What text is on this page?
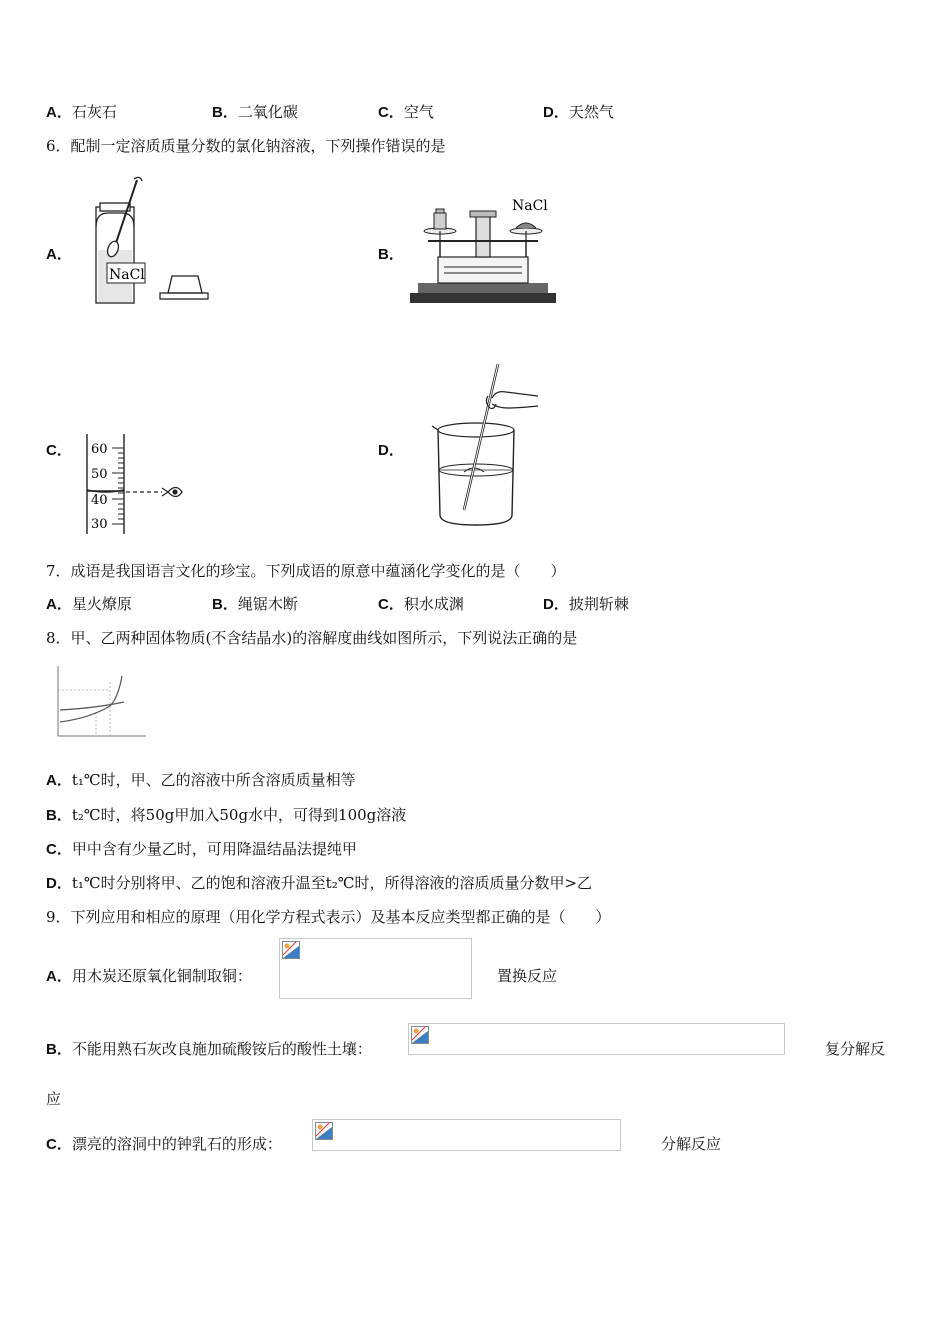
A．石灰石	B．二氧化碳	C．空气	D．天然气
6．配制一定溶质质量分数的氯化钠溶液，下列操作错误的是
A．
NaCl
B．
NaCl
C． 60
50
40
30
D．
7．成语是我国语言文化的珍宝。下列成语的原意中蕴涵化学变化的是（　　）
A．星火燎原	B．绳锯木断	C．积水成渊	D．披荆斩棘
8．甲、乙两种固体物质(不含结晶水)的溶解度曲线如图所示，下列说法正确的是
A．t₁℃时，甲、乙的溶液中所含溶质质量相等
B．t₂℃时，将50g甲加入50g水中，可得到100g溶液
C．甲中含有少量乙时，可用降温结晶法提纯甲
D．t₁℃时分别将甲、乙的饱和溶液升温至t₂℃时，所得溶液的溶质质量分数甲>乙
9．下列应用和相应的原理（用化学方程式表示）及基本反应类型都正确的是（　　）
A．用木炭还原氧化铜制取铜：	置换反应
B．不能用熟石灰改良施加硫酸铵后的酸性土壤：	复分解反
应
C．漂亮的溶洞中的钟乳石的形成：	分解反应
